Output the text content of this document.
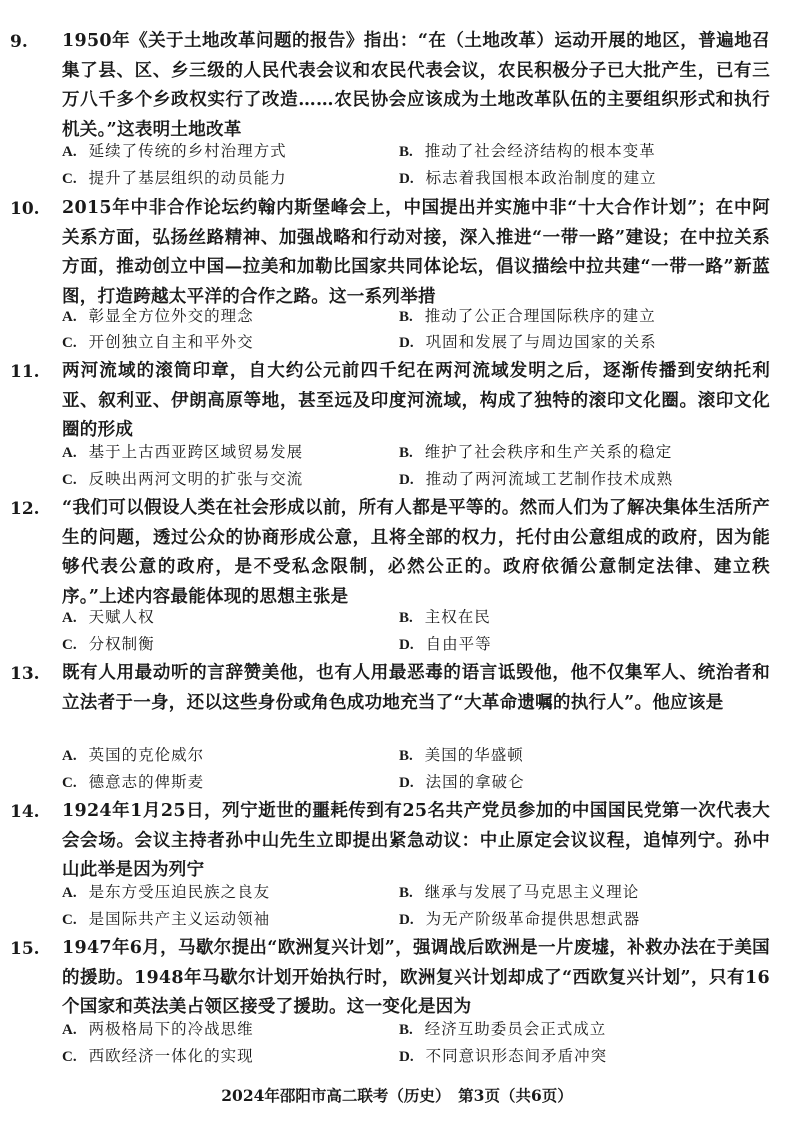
9. 1950年《关于土地改革问题的报告》指出：“在（土地改革）运动开展的地区，普遍地召集了县、区、乡三级的人民代表会议和农民代表会议，农民积极分子已大批产生，已有三万八千多个乡政权实行了改造……农民协会应该成为土地改革队伍的主要组织形式和执行机关。”这表明土地改革
A. 延续了传统的乡村治理方式	B. 推动了社会经济结构的根本变革
C. 提升了基层组织的动员能力	D. 标志着我国根本政治制度的建立
10. 2015年中非合作论坛约翰内斯堡峰会上，中国提出并实施中非“十大合作计划”；在中阿关系方面，弘扬丝路精神、加强战略和行动对接，深入推进“一带一路”建设；在中拉关系方面，推动创立中国—拉美和加勒比国家共同体论坛，倡议描绘中拉共建“一带一路”新蓝图，打造跨越太平洋的合作之路。这一系列举措
A. 彰显全方位外交的理念	B. 推动了公正合理国际秩序的建立
C. 开创独立自主和平外交	D. 巩固和发展了与周边国家的关系
11. 两河流域的滚筒印章，自大约公元前四千纪在两河流域发明之后，逐渐传播到安纳托利亚、叙利亚、伊朗高原等地，甚至远及印度河流域，构成了独特的滚印文化圈。滚印文化圈的形成
A. 基于上古西亚跨区域贸易发展	B. 维护了社会秩序和生产关系的稳定
C. 反映出两河文明的扩张与交流	D. 推动了两河流域工艺制作技术成熟
12. “我们可以假设人类在社会形成以前，所有人都是平等的。然而人们为了解决集体生活所产生的问题，透过公众的协商形成公意，且将全部的权力，托付由公意组成的政府，因为能够代表公意的政府，是不受私念限制，必然公正的。政府依循公意制定法律、建立秩序。”上述内容最能体现的思想主张是
A. 天赋人权	B. 主权在民
C. 分权制衡	D. 自由平等
13. 既有人用最动听的言辞赞美他，也有人用最恶毒的语言诋毁他，他不仅集军人、统治者和立法者于一身，还以这些身份或角色成功地充当了“大革命遗嘱的执行人”。他应该是
A. 英国的克伦威尔	B. 美国的华盛顿
C. 德意志的俾斯麦	D. 法国的拿破仑
14. 1924年1月25日，列宁逝世的噩耗传到有25名共产党员参加的中国国民党第一次代表大会会场。会议主持者孙中山先生立即提出紧急动议：中止原定会议议程，追悼列宁。孙中山此举是因为列宁
A. 是东方受压迫民族之良友	B. 继承与发展了马克思主义理论
C. 是国际共产主义运动领袖	D. 为无产阶级革命提供思想武器
15. 1947年6月，马歇尔提出“欧洲复兴计划”，强调战后欧洲是一片废墟，补救办法在于美国的援助。1948年马歇尔计划开始执行时，欧洲复兴计划却成了“西欧复兴计划”，只有16个国家和英法美占领区接受了援助。这一变化是因为
A. 两极格局下的冷战思维	B. 经济互助委员会正式成立
C. 西欧经济一体化的实现	D. 不同意识形态间矛盾冲突
2024年邵阳市高二联考（历史）　第3页（共6页）
